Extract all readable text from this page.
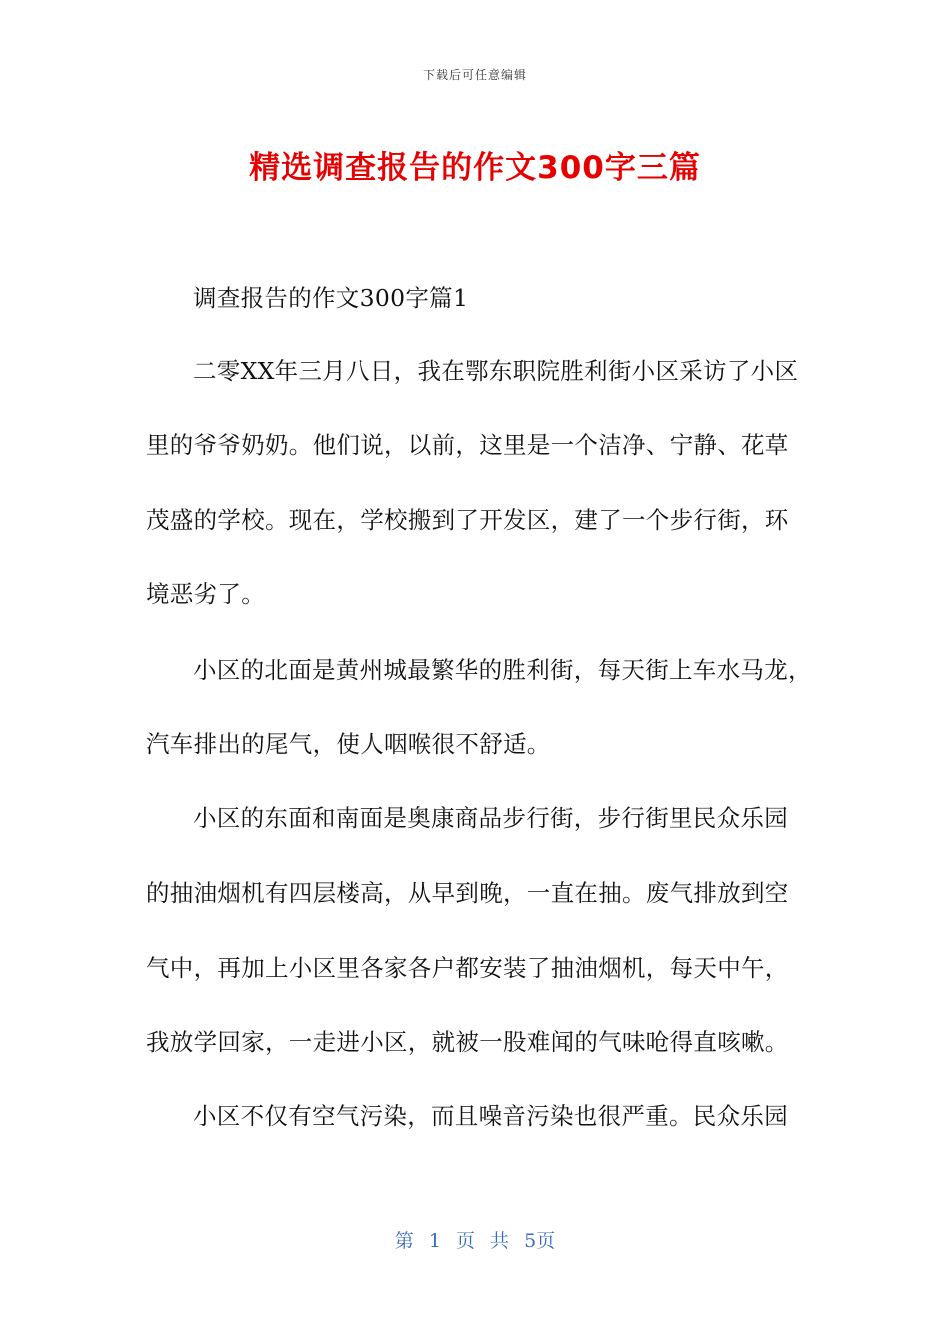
下载后可任意编辑
精选调查报告的作文300字三篇

调查报告的作文300字篇1

二零XX年三月八日，我在鄂东职院胜利街小区采访了小区

里的爷爷奶奶。他们说，以前，这里是一个洁净、宁静、花草

茂盛的学校。现在，学校搬到了开发区，建了一个步行街，环

境恶劣了。

小区的北面是黄州城最繁华的胜利街，每天街上车水马龙，

汽车排出的尾气，使人咽喉很不舒适。

小区的东面和南面是奥康商品步行街，步行街里民众乐园

的抽油烟机有四层楼高，从早到晚，一直在抽。废气排放到空

气中，再加上小区里各家各户都安装了抽油烟机，每天中午，

我放学回家，一走进小区，就被一股难闻的气味呛得直咳嗽。

小区不仅有空气污染，而且噪音污染也很严重。民众乐园

第 1 页 共 5页
